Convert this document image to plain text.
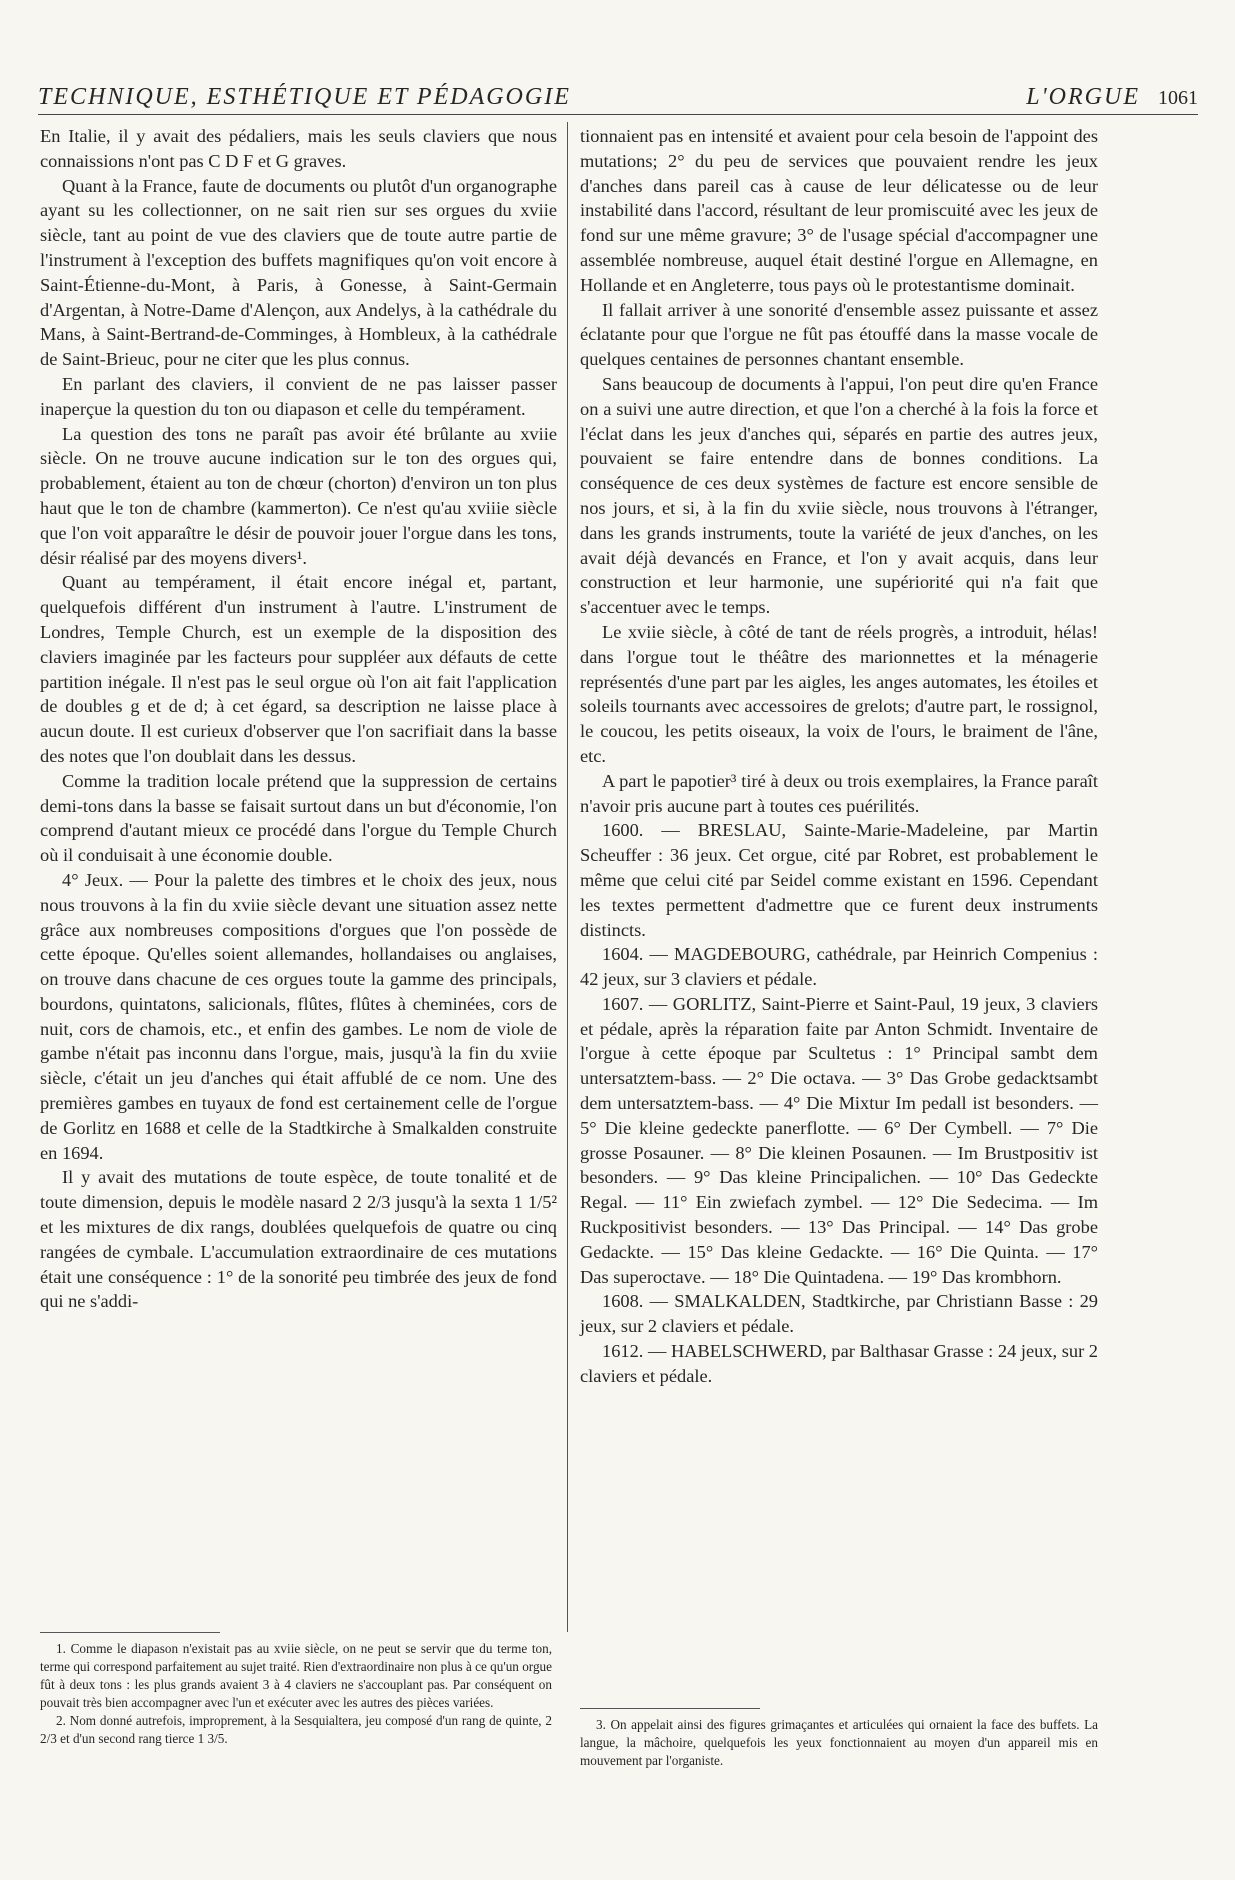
TECHNIQUE, ESTHÉTIQUE ET PÉDAGOGIE	L'ORGUE 1061

En Italie, il y avait des pédaliers, mais les seuls claviers que nous connaissions n'ont pas C D F et G graves.

Quant à la France, faute de documents ou plutôt d'un organographe ayant su les collectionner, on ne sait rien sur ses orgues du xviie siècle, tant au point de vue des claviers que de toute autre partie de l'instrument à l'exception des buffets magnifiques qu'on voit encore à Saint-Étienne-du-Mont, à Paris, à Gonesse, à Saint-Germain d'Argentan, à Notre-Dame d'Alençon, aux Andelys, à la cathédrale du Mans, à Saint-Bertrand-de-Comminges, à Hombleux, à la cathédrale de Saint-Brieuc, pour ne citer que les plus connus.

En parlant des claviers, il convient de ne pas laisser passer inaperçue la question du ton ou diapason et celle du tempérament.

La question des tons ne paraît pas avoir été brûlante au xviie siècle. On ne trouve aucune indication sur le ton des orgues qui, probablement, étaient au ton de chœur (chorton) d'environ un ton plus haut que le ton de chambre (kammerton). Ce n'est qu'au xviiie siècle que l'on voit apparaître le désir de pouvoir jouer l'orgue dans les tons, désir réalisé par des moyens divers¹.

Quant au tempérament, il était encore inégal et, partant, quelquefois différent d'un instrument à l'autre. L'instrument de Londres, Temple Church, est un exemple de la disposition des claviers imaginée par les facteurs pour suppléer aux défauts de cette partition inégale. Il n'est pas le seul orgue où l'on ait fait l'application de doubles g et de d; à cet égard, sa description ne laisse place à aucun doute. Il est curieux d'observer que l'on sacrifiait dans la basse des notes que l'on doublait dans les dessus.

Comme la tradition locale prétend que la suppression de certains demi-tons dans la basse se faisait surtout dans un but d'économie, l'on comprend d'autant mieux ce procédé dans l'orgue du Temple Church où il conduisait à une économie double.

4° Jeux. — Pour la palette des timbres et le choix des jeux, nous nous trouvons à la fin du xviie siècle devant une situation assez nette grâce aux nombreuses compositions d'orgues que l'on possède de cette époque. Qu'elles soient allemandes, hollandaises ou anglaises, on trouve dans chacune de ces orgues toute la gamme des principals, bourdons, quintatons, salicionals, flûtes, flûtes à cheminées, cors de nuit, cors de chamois, etc., et enfin des gambes. Le nom de viole de gambe n'était pas inconnu dans l'orgue, mais, jusqu'à la fin du xviie siècle, c'était un jeu d'anches qui était affublé de ce nom. Une des premières gambes en tuyaux de fond est certainement celle de l'orgue de Gorlitz en 1688 et celle de la Stadtkirche à Smalkalden construite en 1694.

Il y avait des mutations de toute espèce, de toute tonalité et de toute dimension, depuis le modèle nasard 2 2/3 jusqu'à la sexta 1 1/5² et les mixtures de dix rangs, doublées quelquefois de quatre ou cinq rangées de cymbale. L'accumulation extraordinaire de ces mutations était une conséquence : 1° de la sonorité peu timbrée des jeux de fond qui ne s'addi-

tionnaient pas en intensité et avaient pour cela besoin de l'appoint des mutations; 2° du peu de services que pouvaient rendre les jeux d'anches dans pareil cas à cause de leur délicatesse ou de leur instabilité dans l'accord, résultant de leur promiscuité avec les jeux de fond sur une même gravure; 3° de l'usage spécial d'accompagner une assemblée nombreuse, auquel était destiné l'orgue en Allemagne, en Hollande et en Angleterre, tous pays où le protestantisme dominait.

Il fallait arriver à une sonorité d'ensemble assez puissante et assez éclatante pour que l'orgue ne fût pas étouffé dans la masse vocale de quelques centaines de personnes chantant ensemble.

Sans beaucoup de documents à l'appui, l'on peut dire qu'en France on a suivi une autre direction, et que l'on a cherché à la fois la force et l'éclat dans les jeux d'anches qui, séparés en partie des autres jeux, pouvaient se faire entendre dans de bonnes conditions. La conséquence de ces deux systèmes de facture est encore sensible de nos jours, et si, à la fin du xviie siècle, nous trouvons à l'étranger, dans les grands instruments, toute la variété de jeux d'anches, on les avait déjà devancés en France, et l'on y avait acquis, dans leur construction et leur harmonie, une supériorité qui n'a fait que s'accentuer avec le temps.

Le xviie siècle, à côté de tant de réels progrès, a introduit, hélas! dans l'orgue tout le théâtre des marionnettes et la ménagerie représentés d'une part par les aigles, les anges automates, les étoiles et soleils tournants avec accessoires de grelots; d'autre part, le rossignol, le coucou, les petits oiseaux, la voix de l'ours, le braiment de l'âne, etc.

A part le papotier³ tiré à deux ou trois exemplaires, la France paraît n'avoir pris aucune part à toutes ces puérilités.

1600. — BRESLAU, Sainte-Marie-Madeleine, par Martin Scheuffer : 36 jeux. Cet orgue, cité par Robret, est probablement le même que celui cité par Seidel comme existant en 1596. Cependant les textes permettent d'admettre que ce furent deux instruments distincts.

1604. — MAGDEBOURG, cathédrale, par Heinrich Compenius : 42 jeux, sur 3 claviers et pédale.

1607. — GORLITZ, Saint-Pierre et Saint-Paul, 19 jeux, 3 claviers et pédale, après la réparation faite par Anton Schmidt. Inventaire de l'orgue à cette époque par Scultetus : 1° Principal sambt dem untersatztem-bass. — 2° Die octava. — 3° Das Grobe gedacktsambt dem untersatztem-bass. — 4° Die Mixtur Im pedall ist besonders. — 5° Die kleine gedeckte panerflotte. — 6° Der Cymbell. — 7° Die grosse Posauner. — 8° Die kleinen Posaunen. — Im Brustpositiv ist besonders. — 9° Das kleine Principalichen. — 10° Das Gedeckte Regal. — 11° Ein zwiefach zymbel. — 12° Die Sedecima. — Im Ruckpositivist besonders. — 13° Das Principal. — 14° Das grobe Gedackte. — 15° Das kleine Gedackte. — 16° Die Quinta. — 17° Das superoctave. — 18° Die Quintadena. — 19° Das krombhorn.

1608. — SMALKALDEN, Stadtkirche, par Christiann Basse : 29 jeux, sur 2 claviers et pédale.

1612. — HABELSCHWERD, par Balthasar Grasse : 24 jeux, sur 2 claviers et pédale.

1. Comme le diapason n'existait pas au xviie siècle, on ne peut se servir que du terme ton, terme qui correspond parfaitement au sujet traité. Rien d'extraordinaire non plus à ce qu'un orgue fût à deux tons : les plus grands avaient 3 à 4 claviers ne s'accouplant pas. Par conséquent on pouvait très bien accompagner avec l'un et exécuter avec les autres des pièces variées.

2. Nom donné autrefois, improprement, à la Sesquialtera, jeu composé d'un rang de quinte, 2 2/3 et d'un second rang tierce 1 3/5.

3. On appelait ainsi des figures grimaçantes et articulées qui ornaient la face des buffets. La langue, la mâchoire, quelquefois les yeux fonctionnaient au moyen d'un appareil mis en mouvement par l'organiste.
